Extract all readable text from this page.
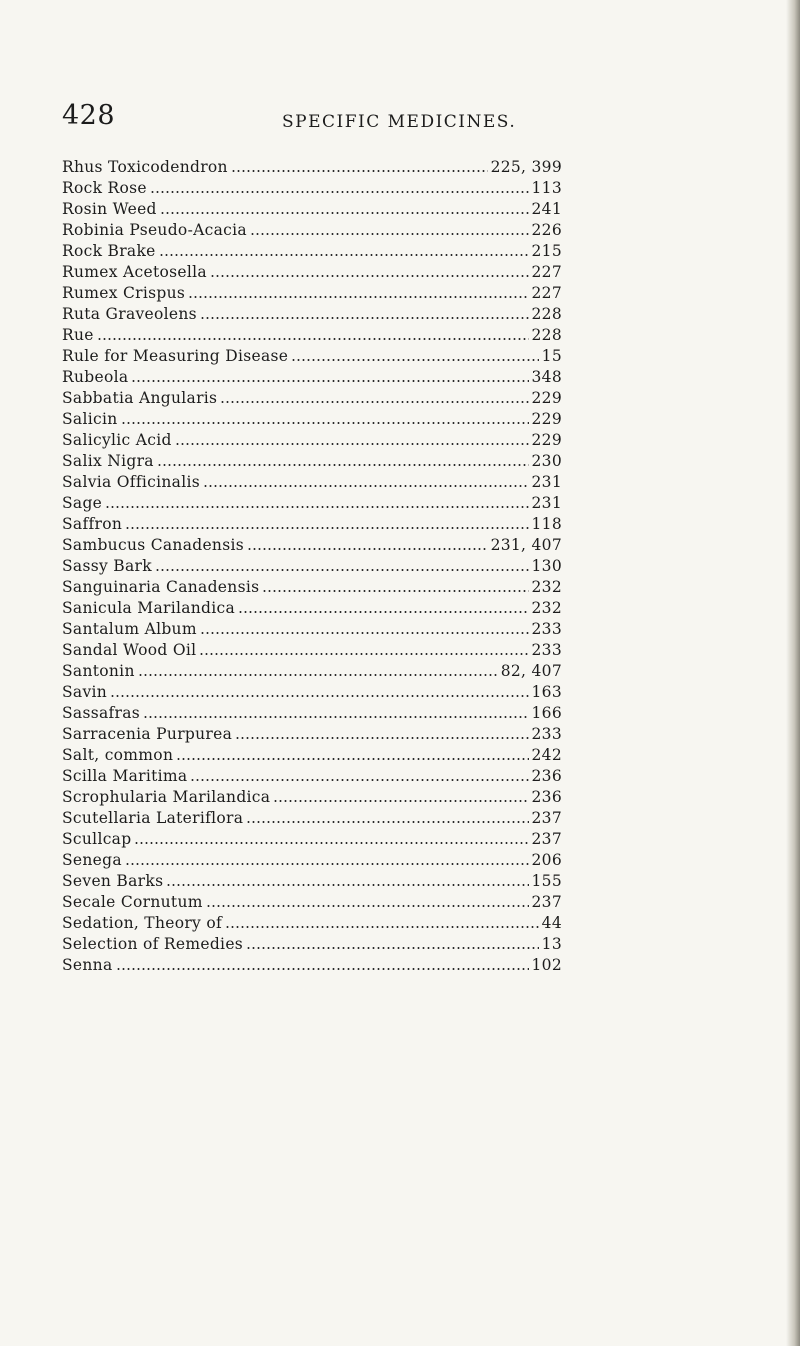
428	SPECIFIC MEDICINES.
Rhus Toxicodendron	225, 399
Rock Rose	113
Rosin Weed	241
Robinia Pseudo-Acacia	226
Rock Brake	215
Rumex Acetosella	227
Rumex Crispus	227
Ruta Graveolens	228
Rue	228
Rule for Measuring Disease	15
Rubeola	348
Sabbatia Angularis	229
Salicin	229
Salicylic Acid	229
Salix Nigra	230
Salvia Officinalis	231
Sage	231
Saffron	118
Sambucus Canadensis	231, 407
Sassy Bark	130
Sanguinaria Canadensis	232
Sanicula Marilandica	232
Santalum Album	233
Sandal Wood Oil	233
Santonin	82, 407
Savin	163
Sassafras	166
Sarracenia Purpurea	233
Salt, common	242
Scilla Maritima	236
Scrophularia Marilandica	236
Scutellaria Lateriflora	237
Scullcap	237
Senega	206
Seven Barks	155
Secale Cornutum	237
Sedation, Theory of	44
Selection of Remedies	13
Senna	102
